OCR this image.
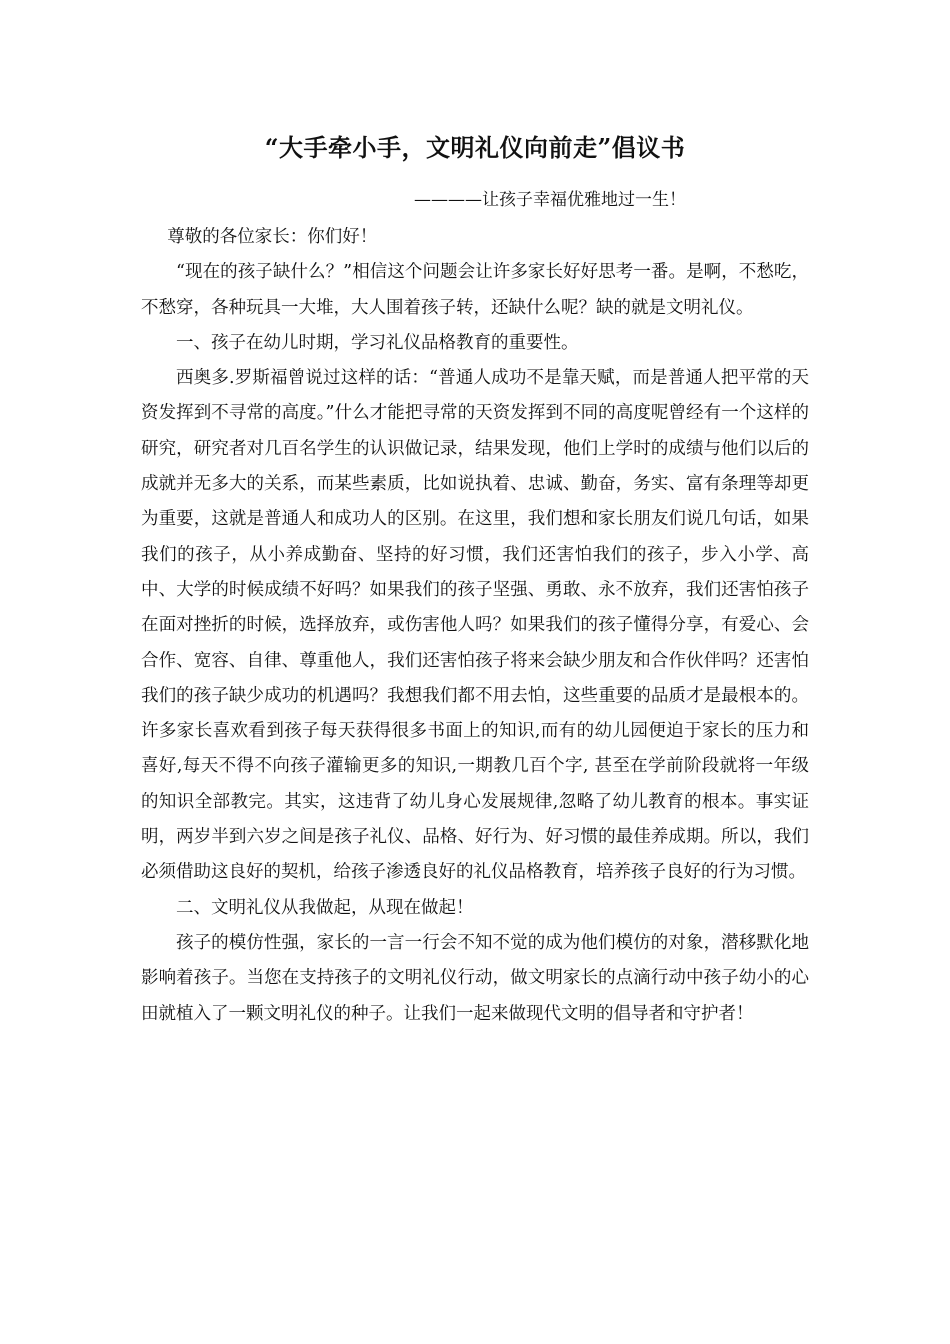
“大手牵小手，文明礼仪向前走”倡议书
————让孩子幸福优雅地过一生！

尊敬的各位家长：你们好！

“现在的孩子缺什么？”相信这个问题会让许多家长好好思考一番。是啊，不愁吃，不愁穿，各种玩具一大堆，大人围着孩子转，还缺什么呢？缺的就是文明礼仪。

一、孩子在幼儿时期，学习礼仪品格教育的重要性。

西奥多.罗斯福曾说过这样的话：“普通人成功不是靠天赋，而是普通人把平常的天资发挥到不寻常的高度。”什么才能把寻常的天资发挥到不同的高度呢曾经有一个这样的研究，研究者对几百名学生的认识做记录，结果发现，他们上学时的成绩与他们以后的成就并无多大的关系，而某些素质，比如说执着、忠诚、勤奋，务实、富有条理等却更为重要，这就是普通人和成功人的区别。在这里，我们想和家长朋友们说几句话，如果我们的孩子，从小养成勤奋、坚持的好习惯，我们还害怕我们的孩子，步入小学、高中、大学的时候成绩不好吗？如果我们的孩子坚强、勇敢、永不放弃，我们还害怕孩子在面对挫折的时候，选择放弃，或伤害他人吗？如果我们的孩子懂得分享，有爱心、会合作、宽容、自律、尊重他人，我们还害怕孩子将来会缺少朋友和合作伙伴吗？还害怕我们的孩子缺少成功的机遇吗？我想我们都不用去怕，这些重要的品质才是最根本的。许多家长喜欢看到孩子每天获得很多书面上的知识,而有的幼儿园便迫于家长的压力和喜好,每天不得不向孩子灌输更多的知识,一期教几百个字, 甚至在学前阶段就将一年级的知识全部教完。其实，这违背了幼儿身心发展规律,忽略了幼儿教育的根本。事实证明，两岁半到六岁之间是孩子礼仪、品格、好行为、好习惯的最佳养成期。所以，我们必须借助这良好的契机，给孩子渗透良好的礼仪品格教育，培养孩子良好的行为习惯。

二、文明礼仪从我做起，从现在做起！

孩子的模仿性强，家长的一言一行会不知不觉的成为他们模仿的对象，潜移默化地影响着孩子。当您在支持孩子的文明礼仪行动，做文明家长的点滴行动中孩子幼小的心田就植入了一颗文明礼仪的种子。让我们一起来做现代文明的倡导者和守护者！
